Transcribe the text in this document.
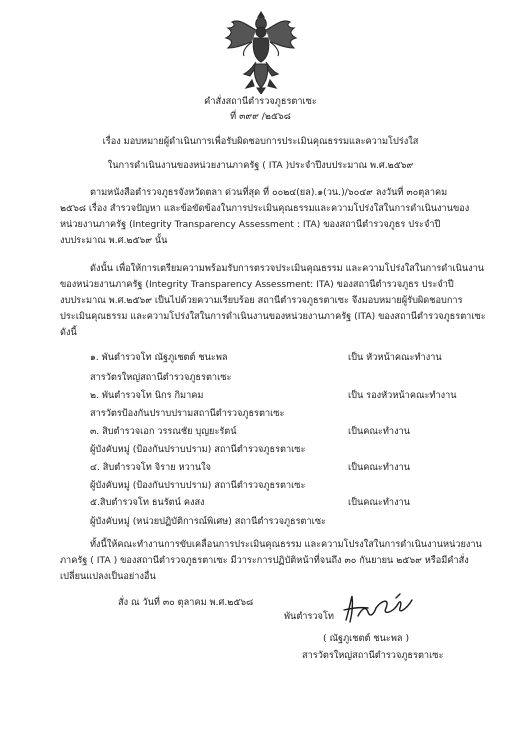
คำสั่งสถานีตำรวจภูธรตาเซะ
ที่ ๓๙๙ /๒๕๖๘
เรื่อง มอบหมายผู้ดำเนินการเพื่อรับผิดชอบการประเมินคุณธรรมและความโปร่งใส
ในการดำเนินงานของหน่วยงานภาครัฐ ( ITA )ประจำปีงบประมาณ พ.ศ.๒๕๖๙
ตามหนังสือตำรวจภูธรจังหวัดตลา ด่วนที่สุด ที่ ๐๐๒๔(ยล).๑(วน.)/๖๐๔๙ ลงวันที่ ๓๐ตุลาคม
๒๕๖๘ เรื่อง สำรวจปัญหา และข้อขัดข้องในการประเมินคุณธรรมและความโปร่งใสในการดำเนินงานของ
หน่วยงานภาครัฐ (Integrity Transparency Assessment : ITA) ของสถานีตำรวจภูธร ประจำปี
งบประมาณ พ.ศ.๒๕๖๙ นั้น
ดังนั้น เพื่อให้การเตรียมความพร้อมรับการตรวจประเมินคุณธรรม และความโปร่งใสในการดำเนินงาน
ของหน่วยงานภาครัฐ (Integrity Transparency Assessment: ITA) ของสถานีตำรวจภูธร ประจำปี
งบประมาณ พ.ศ.๒๕๖๙ เป็นไปด้วยความเรียบร้อย สถานีตำรวจภูธรตาเซะ จึงมอบหมายผู้รับผิดชอบการ
ประเมินคุณธรรม และความโปร่งใสในการดำเนินงานของหน่วยงานภาครัฐ (ITA) ของสถานีตำรวจภูธรตาเซะ
ดังนี้
๑. พันตำรวจโท ณัฐภูเชตต์ ชนะพล	เป็น หัวหน้าคณะทำงาน
สารวัตรใหญ่สถานีตำรวจภูธรตาเซะ
๒. พันตำรวจโท นิกร กิมาคม	เป็น รองหัวหน้าคณะทำงาน
สารวัตรป้องกันปราบปรามสถานีตำรวจภูธรตาเซะ
๓. สิบตำรวจเอก วรรณชัย บุญยะรัตน์	เป็นคณะทำงาน
ผู้บังคับหมู่ (ป้องกันปราบปราม) สถานีตำรวจภูธรตาเซะ
๔. สิบตำรวจโท จิราย หวานใจ	เป็นคณะทำงาน
ผู้บังคับหมู่ (ป้องกันปราบปราม) สถานีตำรวจภูธรตาเซะ
๕.สิบตำรวจโท ธนรัตน์ คงสง	เป็นคณะทำงาน
ผู้บังคับหมู่ (หน่วยปฏิบัติการณ์พิเศษ) สถานีตำรวจภูธรตาเซะ
ทั้งนี้ให้คณะทำงานการขับเคลื่อนการประเมินคุณธรรม และความโปรงใสในการดำเนินงานหน่วยงาน
ภาครัฐ ( ITA ) ของสถานีตำรวจภูธรตาเซะ มีวาระการปฏิบัติหน้าที่จนถึง ๓๐ กันยายน ๒๕๖๙ หรือมีคำสั่ง
เปลี่ยนแปลงเป็นอย่างอื่น
สั่ง ณ วันที่ ๓๐ ตุลาคม พ.ศ.๒๕๖๘
พันตำรวจโท
( ณัฐภูเชตต์ ชนะพล )
สารวัตรใหญ่สถานีตำรวจภูธรตาเซะ
